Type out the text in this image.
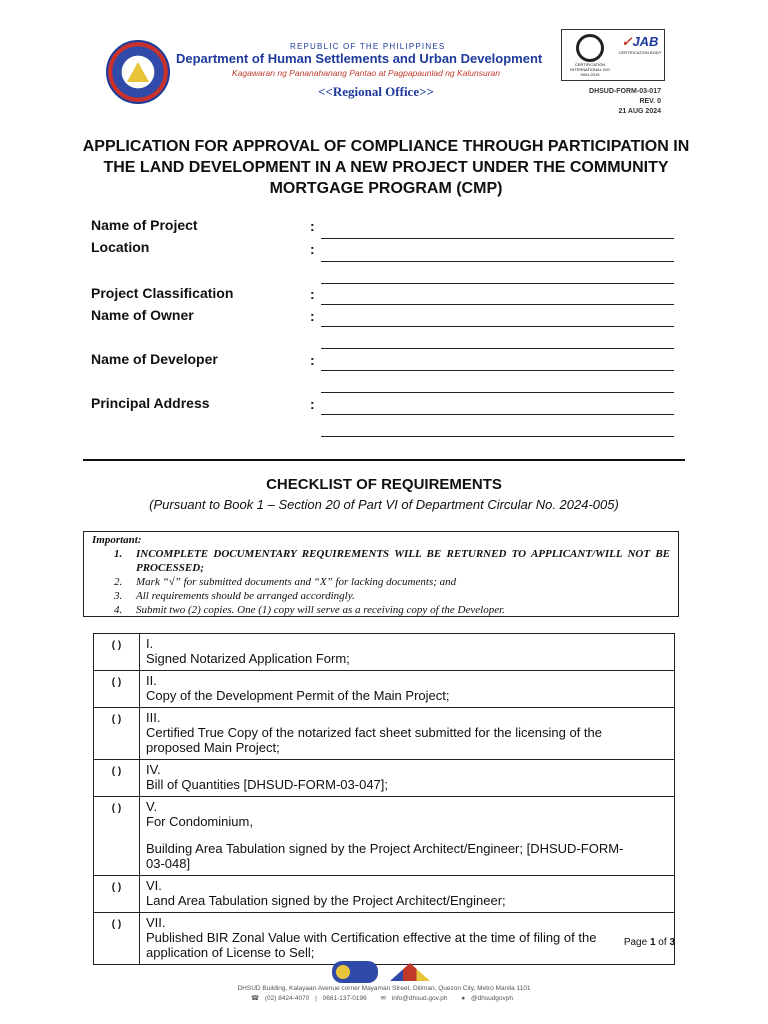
REPUBLIC OF THE PHILIPPINES
Department of Human Settlements and Urban Development
Kagawaran ng Pananahanang Pantao at Pagpapaunlad ng Kalunsuran
<<Regional Office>>
CERTIFICATION INTERNATIONAL ISO 9001:2015
✓JAB
CERTIFICATION BODY
DHSUD-FORM-03-017
REV. 0
21 AUG 2024
APPLICATION FOR APPROVAL OF COMPLIANCE THROUGH PARTICIPATION IN THE LAND DEVELOPMENT IN A NEW PROJECT UNDER THE COMMUNITY MORTGAGE PROGRAM (CMP)
Name of Project	:
Location	:
Project Classification	:
Name of Owner	:
Name of Developer	:
Principal Address	:
CHECKLIST OF REQUIREMENTS
(Pursuant to Book 1 – Section 20 of Part VI of Department Circular No. 2024-005)
Important:
1.	INCOMPLETE DOCUMENTARY REQUIREMENTS WILL BE RETURNED TO APPLICANT/WILL NOT BE PROCESSED;
2.	Mark “√” for submitted documents and “X” for lacking documents; and
3.	All requirements should be arranged accordingly.
4.	Submit two (2) copies. One (1) copy will serve as a receiving copy of the Developer.
( )	I.Signed Notarized Application Form;
( )	II.Copy of the Development Permit of the Main Project;
( )	III.Certified True Copy of the notarized fact sheet submitted for the licensing of the proposed Main Project;
( )	IV.Bill of Quantities [DHSUD-FORM-03-047];
( )	V.For Condominium,
Building Area Tabulation signed by the Project Architect/Engineer; [DHSUD-FORM-03-048]

( )	VI.Land Area Tabulation signed by the Project Architect/Engineer;
( )	VII.Published BIR Zonal Value with Certification effective at the time of filing of the application of License to Sell;
Page 1 of 3
DHSUD Building, Kalayaan Avenue corner Mayaman Street, Diliman, Quezon City, Metro Manila 1101
☎ (02) 8424-4070 | 0661-137-0196 ✉ info@dhsud.gov.ph ● @dhsudgovph
